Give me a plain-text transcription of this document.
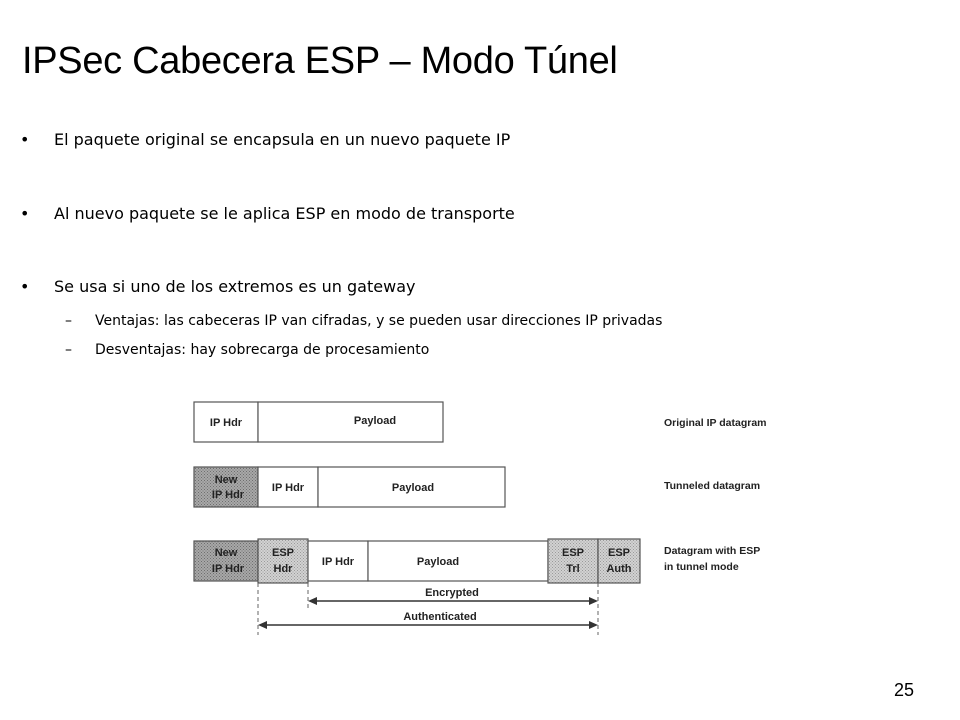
IPSec Cabecera ESP – Modo Túnel
• El paquete original se encapsula en un nuevo paquete IP
• Al nuevo paquete se le aplica ESP en modo de transporte
• Se usa si uno de los extremos es un gateway
– Ventajas: las cabeceras IP van cifradas, y se pueden usar direcciones IP privadas
– Desventajas: hay sobrecarga de procesamiento
IP Hdr	Payload	Original IP datagram
New
IP Hdr
IP Hdr	Payload	Tunneled datagram
New
IP Hdr
ESP
Hdr
IP Hdr	Payload
ESP
Trl
ESP
Auth
Datagram with ESP
in tunnel mode
Encrypted
Authenticated
25
